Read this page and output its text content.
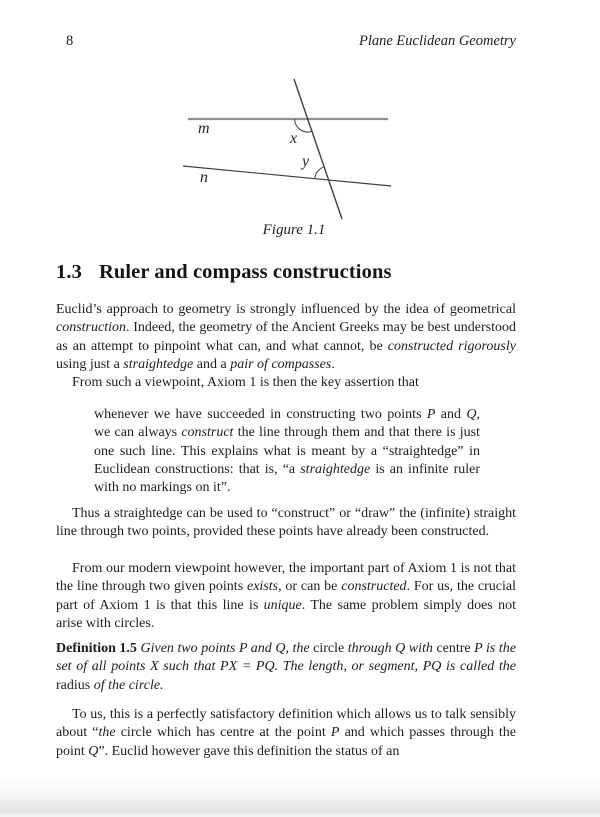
8	Plane Euclidean Geometry
m
n
x
y
Figure 1.1
1.3 Ruler and compass constructions

Euclid’s approach to geometry is strongly influenced by the idea of geometrical construction. Indeed, the geometry of the Ancient Greeks may be best understood as an attempt to pinpoint what can, and what cannot, be constructed rigorously using just a straightedge and a pair of compasses.

From such a viewpoint, Axiom 1 is then the key assertion that

whenever we have succeeded in constructing two points P and Q, we can always construct the line through them and that there is just one such line. This explains what is meant by a “straightedge” in Euclidean constructions: that is, “a straightedge is an infinite ruler with no markings on it”.

Thus a straightedge can be used to “construct” or “draw” the (infinite) straight line through two points, provided these points have already been constructed.

From our modern viewpoint however, the important part of Axiom 1 is not that the line through two given points exists, or can be constructed. For us, the crucial part of Axiom 1 is that this line is unique. The same problem simply does not arise with circles.

Definition 1.5 Given two points P and Q, the circle through Q with centre P is the set of all points X such that PX = PQ. The length, or segment, PQ is called the radius of the circle.

To us, this is a perfectly satisfactory definition which allows us to talk sensibly about “the circle which has centre at the point P and which passes through the point Q”. Euclid however gave this definition the status of an
